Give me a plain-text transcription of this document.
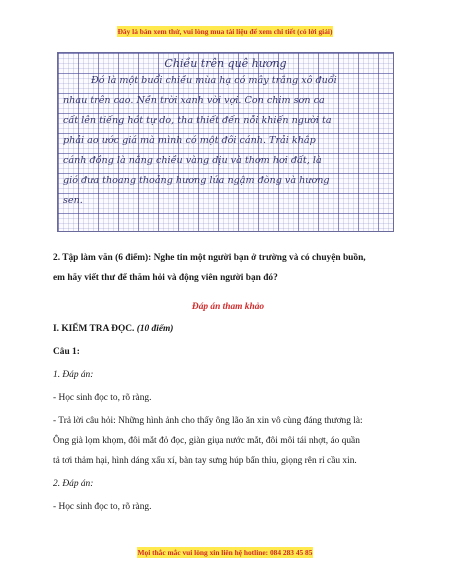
Đây là bản xem thử, vui lòng mua tài liệu để xem chi tiết (có lời giải)
Chiều trên quê hương
Đó là một buổi chiều mùa hạ có mây trắng xô đuổi
nhau trên cao. Nền trời xanh vời vợi. Con chim sơn ca
cất lên tiếng hót tự do, tha thiết đến nỗi khiến người ta
phải ao ước giá mà mình có một đôi cánh. Trải khắp
cánh đồng là nắng chiều vàng dịu và thơm hơi đất, là
gió đưa thoang thoảng hương lúa ngậm đòng và hương
sen.
2. Tập làm văn (6 điểm): Nghe tin một người bạn ở trường và có chuyện buồn,
em hãy viết thư để thăm hỏi và động viên người bạn đó?
Đáp án tham khảo
I. KIỂM TRA ĐỌC. (10 điểm)
Câu 1:
1. Đáp án:
- Học sinh đọc to, rõ ràng.
- Trả lời câu hỏi: Những hình ảnh cho thấy ông lão ăn xin vô cùng đáng thương là:
Ông già lọm khọm, đôi mắt đỏ đọc, giàn giụa nước mắt, đôi môi tái nhợt, áo quần
tả tơi thảm hại, hình dáng xấu xí, bàn tay sưng húp bẩn thỉu, giọng rên rỉ cầu xin.
2. Đáp án:
- Học sinh đọc to, rõ ràng.
Mọi thắc mắc vui lòng xin liên hệ hotline: 084 283 45 85
